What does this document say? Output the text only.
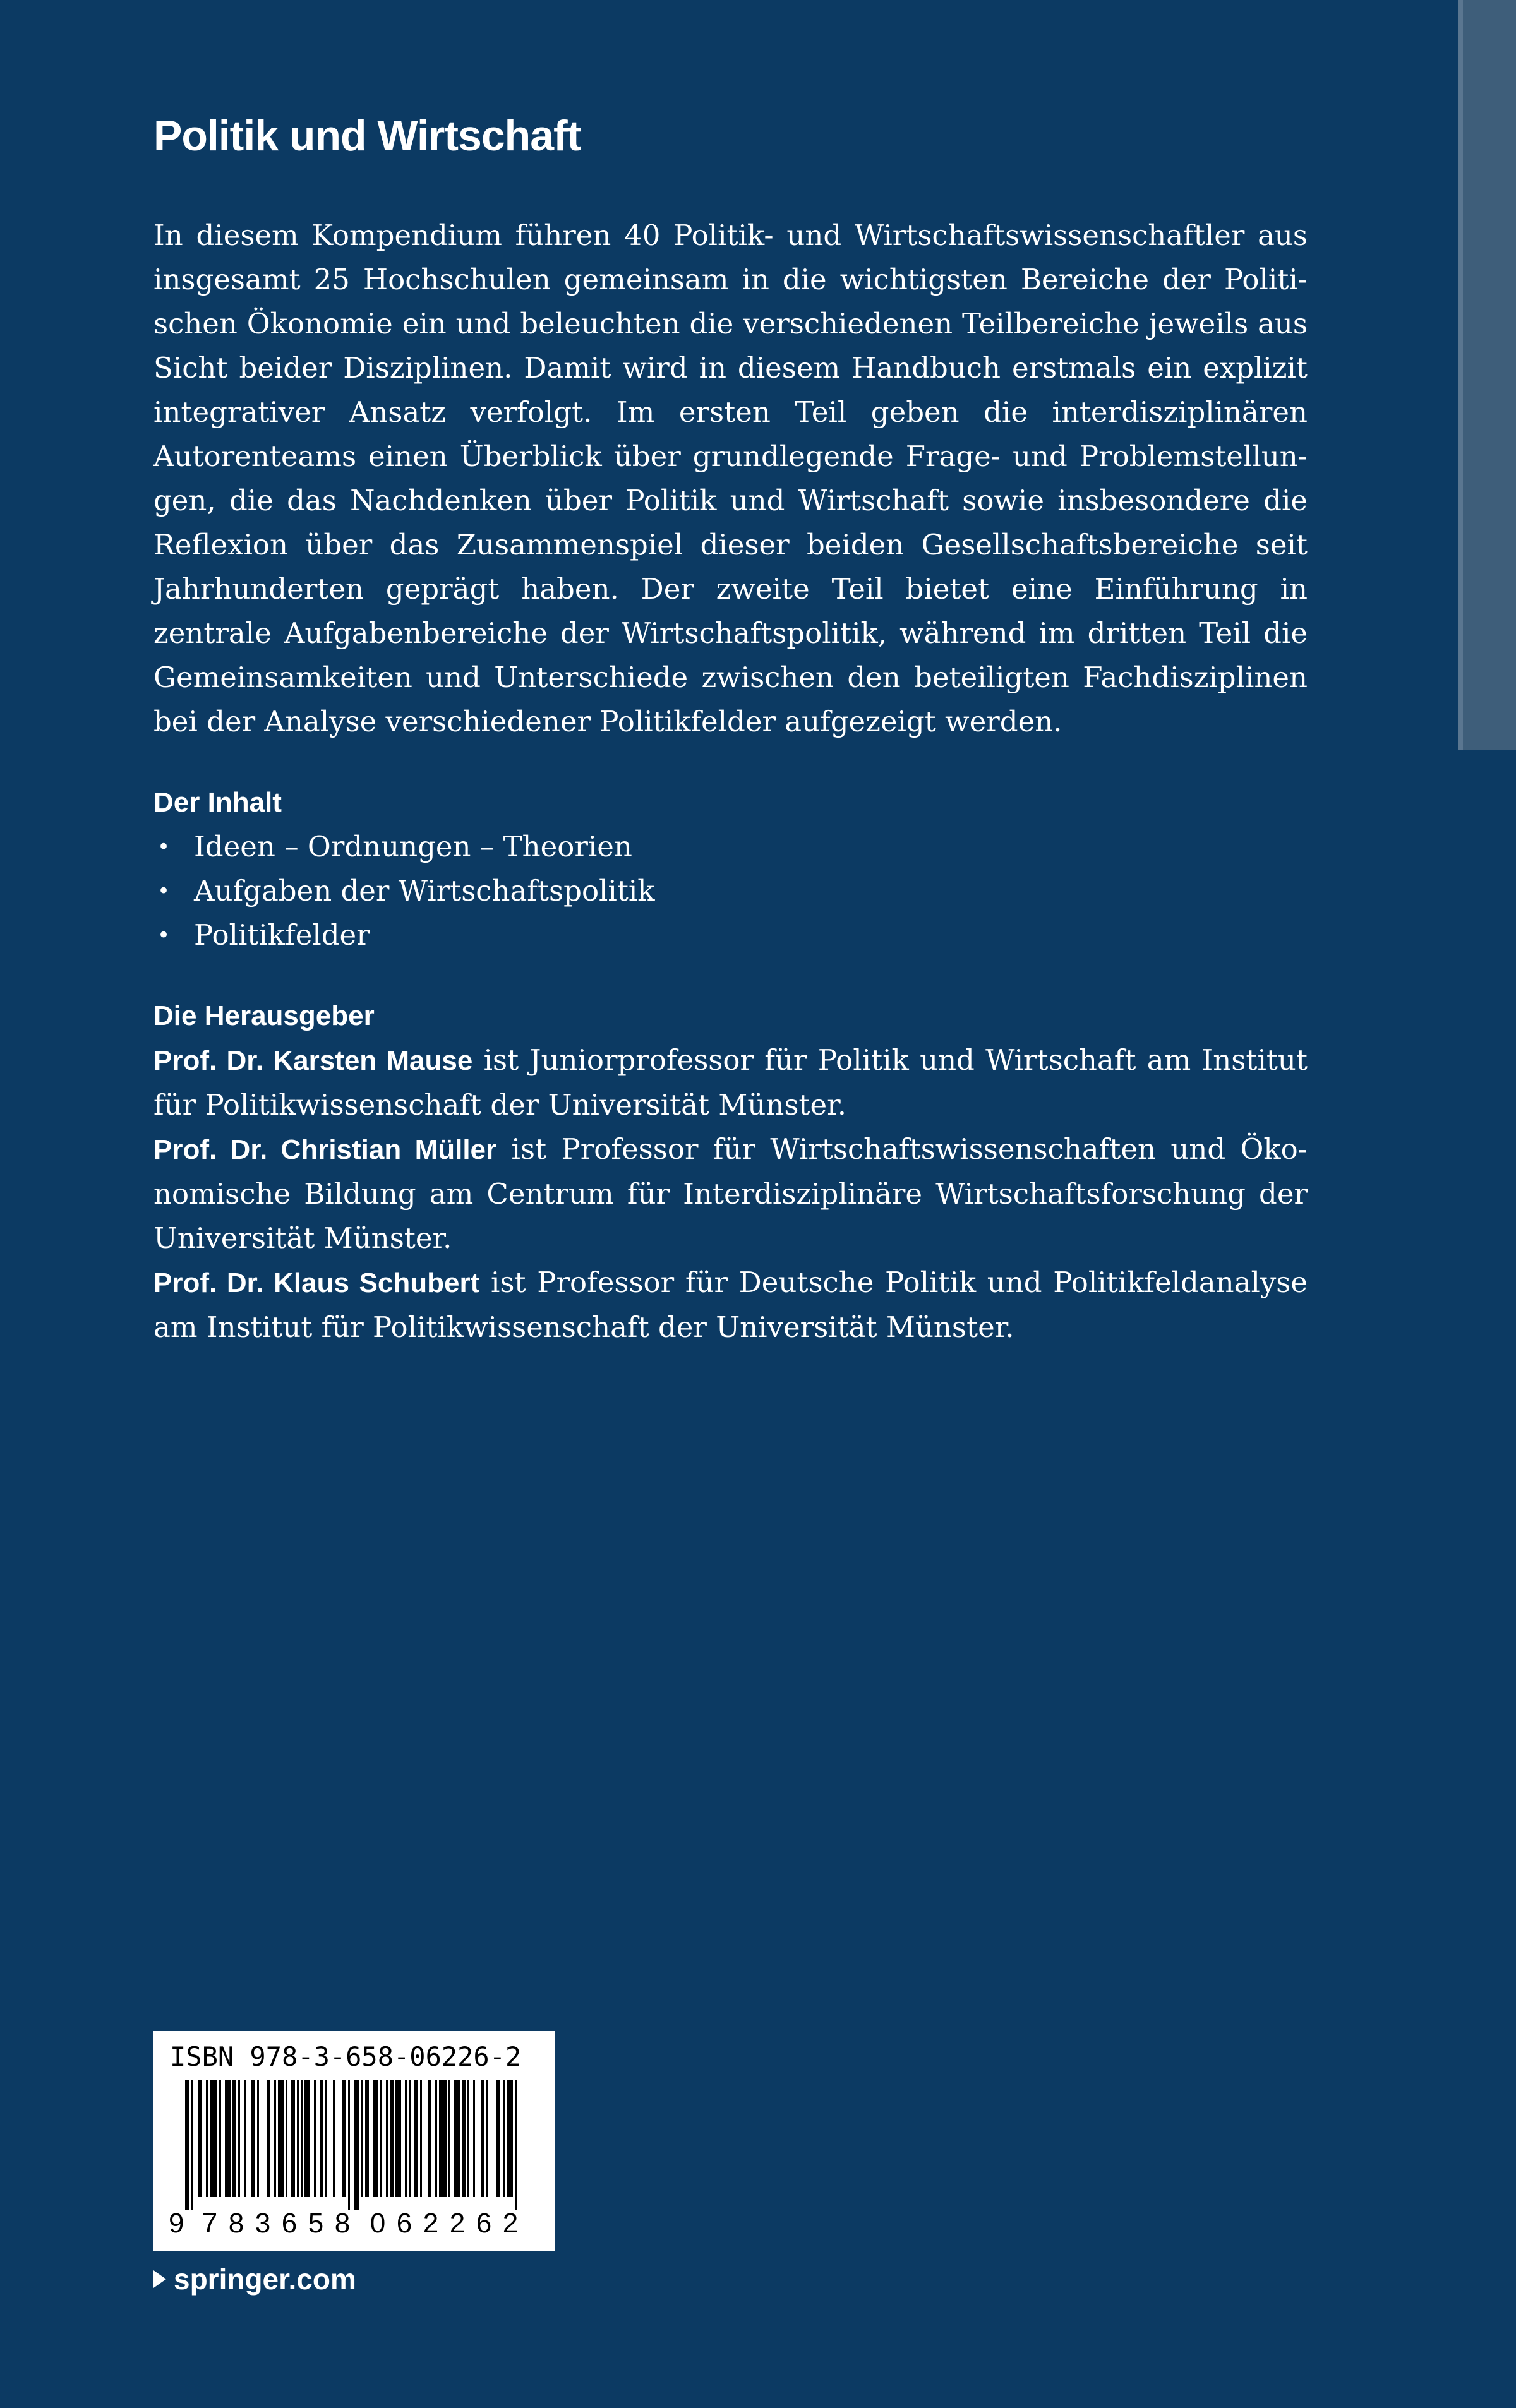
Politik und Wirtschaft

In diesem Kompendium führen 40 Politik- und Wirtschaftswissenschaftler aus insgesamt 25 Hochschulen gemeinsam in die wichtigsten Bereiche der Politischen Ökonomie ein und beleuchten die verschiedenen Teilbereiche jeweils aus Sicht beider Disziplinen. Damit wird in diesem Handbuch erstmals ein explizit integrativer Ansatz verfolgt. Im ersten Teil geben die interdisziplinären Autorenteams einen Überblick über grundlegende Frage- und Problemstellungen, die das Nachdenken über Politik und Wirtschaft sowie insbesondere die Reflexion über das Zusammenspiel dieser beiden Gesellschaftsbereiche seit Jahrhunderten geprägt haben. Der zweite Teil bietet eine Einführung in zentrale Aufgabenbereiche der Wirtschaftspolitik, während im dritten Teil die Gemeinsamkeiten und Unterschiede zwischen den beteiligten Fachdisziplinen bei der Analyse verschiedener Politikfelder aufgezeigt werden.

Der Inhalt
• Ideen – Ordnungen – Theorien
• Aufgaben der Wirtschaftspolitik
• Politikfelder
Die Herausgeber

Prof. Dr. Karsten Mause ist Juniorprofessor für Politik und Wirtschaft am Institut für Politikwissenschaft der Universität Münster.

Prof. Dr. Christian Müller ist Professor für Wirtschaftswissenschaften und Ökonomische Bildung am Centrum für Interdisziplinäre Wirtschaftsforschung der Universität Münster.

Prof. Dr. Klaus Schubert ist Professor für Deutsche Politik und Politikfeldanalyse am Institut für Politikwissenschaft der Universität Münster.

ISBN 978-3-658-06226-2
9 7 8 3 6 5 8 0 6 2 2 6 2
springer.com
